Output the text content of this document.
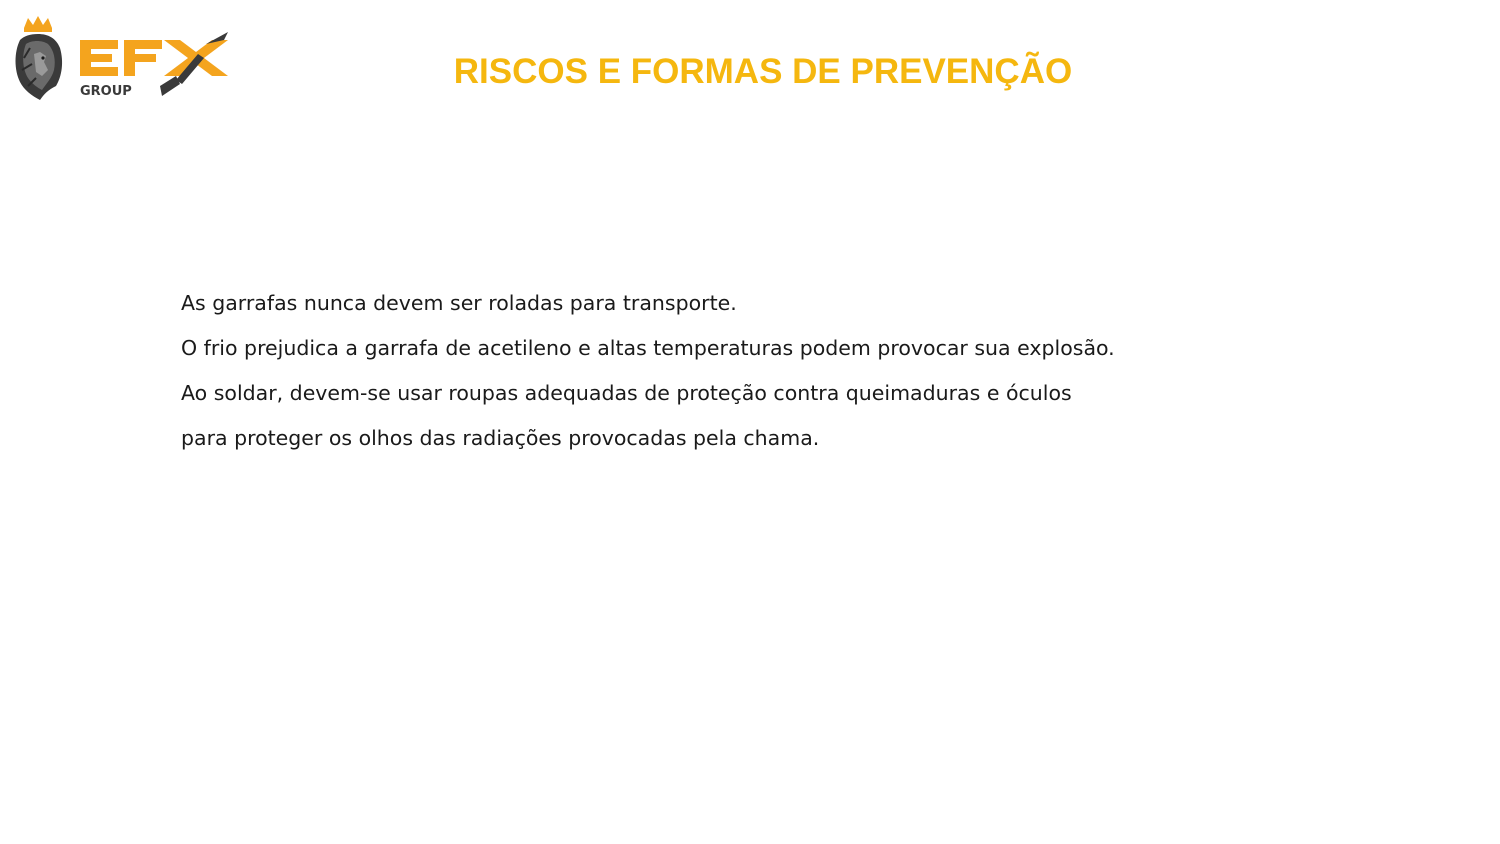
GROUP
RISCOS E FORMAS DE PREVENÇÃO
As garrafas nunca devem ser roladas para transporte.
O frio prejudica a garrafa de acetileno e altas temperaturas podem provocar sua explosão.
Ao soldar, devem-se usar roupas adequadas de proteção contra queimaduras e óculos
para proteger os olhos das radiações provocadas pela chama.
